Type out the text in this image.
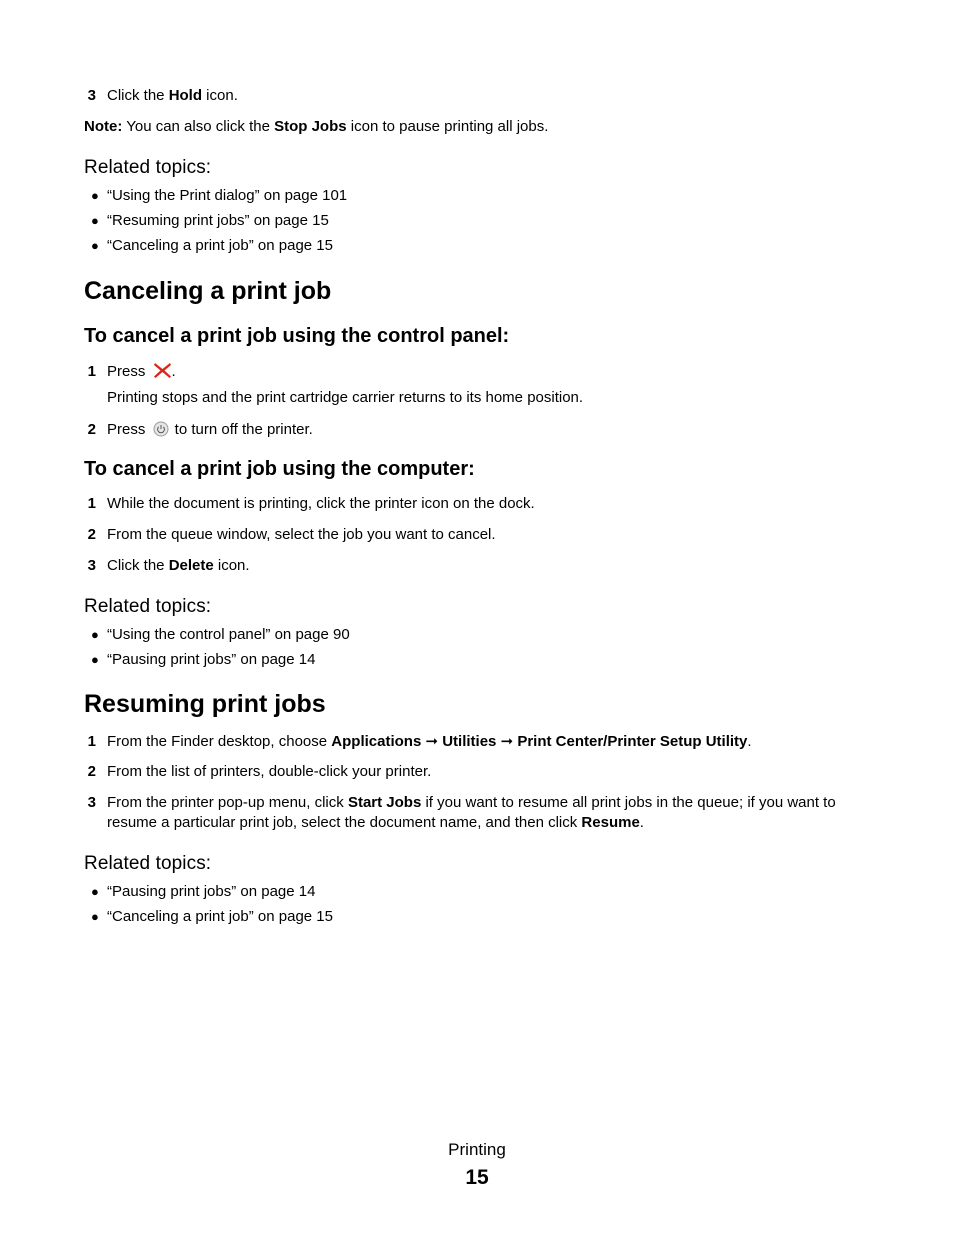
3 Click the Hold icon.
Note: You can also click the Stop Jobs icon to pause printing all jobs.
Related topics:
● “Using the Print dialog” on page 101
● “Resuming print jobs” on page 15
● “Canceling a print job” on page 15
Canceling a print job
To cancel a print job using the control panel:
1 Press .
Printing stops and the print cartridge carrier returns to its home position.
2 Press  to turn off the printer.
To cancel a print job using the computer:
1 While the document is printing, click the printer icon on the dock.
2 From the queue window, select the job you want to cancel.
3 Click the Delete icon.
Related topics:
● “Using the control panel” on page 90
● “Pausing print jobs” on page 14
Resuming print jobs
1 From the Finder desktop, choose Applications ➞ Utilities ➞ Print Center/Printer Setup Utility.
2 From the list of printers, double-click your printer.
3 From the printer pop-up menu, click Start Jobs if you want to resume all print jobs in the queue; if you want to resume a particular print job, select the document name, and then click Resume.
Related topics:
● “Pausing print jobs” on page 14
● “Canceling a print job” on page 15
Printing
15
